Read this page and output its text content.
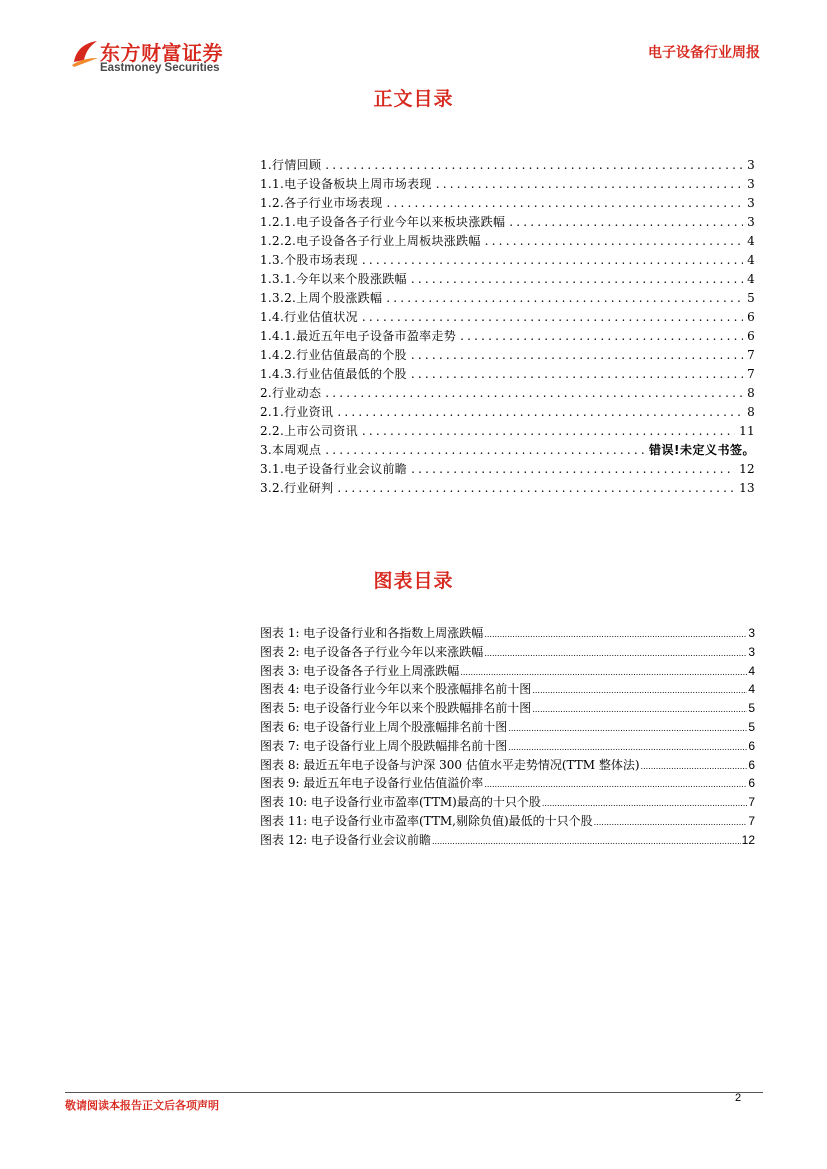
东方财富证券
Eastmoney Securities
电子设备行业周报
正文目录
1.行情回顾 .....	3
1.1.电子设备板块上周市场表现 .....	3
1.2.各子行业市场表现 .....	3
1.2.1.电子设备各子行业今年以来板块涨跌幅 .....	3
1.2.2.电子设备各子行业上周板块涨跌幅 .....	4
1.3.个股市场表现 .....	4
1.3.1.今年以来个股涨跌幅 .....	4
1.3.2.上周个股涨跌幅 .....	5
1.4.行业估值状况 .....	6
1.4.1.最近五年电子设备市盈率走势 .....	6
1.4.2.行业估值最高的个股 .....	7
1.4.3.行业估值最低的个股 .....	7
2.行业动态 .....	8
2.1.行业资讯 .....	8
2.2.上市公司资讯 .....	11
3.本周观点 .....	错误!未定义书签。
3.1.电子设备行业会议前瞻 .....	12
3.2.行业研判 .....	13
图表目录
图表 1: 电子设备行业和各指数上周涨跌幅 .....	3
图表 2: 电子设备各子行业今年以来涨跌幅 .....	3
图表 3: 电子设备各子行业上周涨跌幅 .....	4
图表 4: 电子设备行业今年以来个股涨幅排名前十图 .....	4
图表 5: 电子设备行业今年以来个股跌幅排名前十图 .....	5
图表 6: 电子设备行业上周个股涨幅排名前十图 .....	5
图表 7: 电子设备行业上周个股跌幅排名前十图 .....	6
图表 8: 最近五年电子设备与沪深 300 估值水平走势情况(TTM 整体法) .....	6
图表 9: 最近五年电子设备行业估值溢价率 .....	6
图表 10: 电子设备行业市盈率(TTM)最高的十只个股 .....	7
图表 11: 电子设备行业市盈率(TTM,剔除负值)最低的十只个股 .....	7
图表 12: 电子设备行业会议前瞻 .....	12
敬请阅读本报告正文后各项声明
2
